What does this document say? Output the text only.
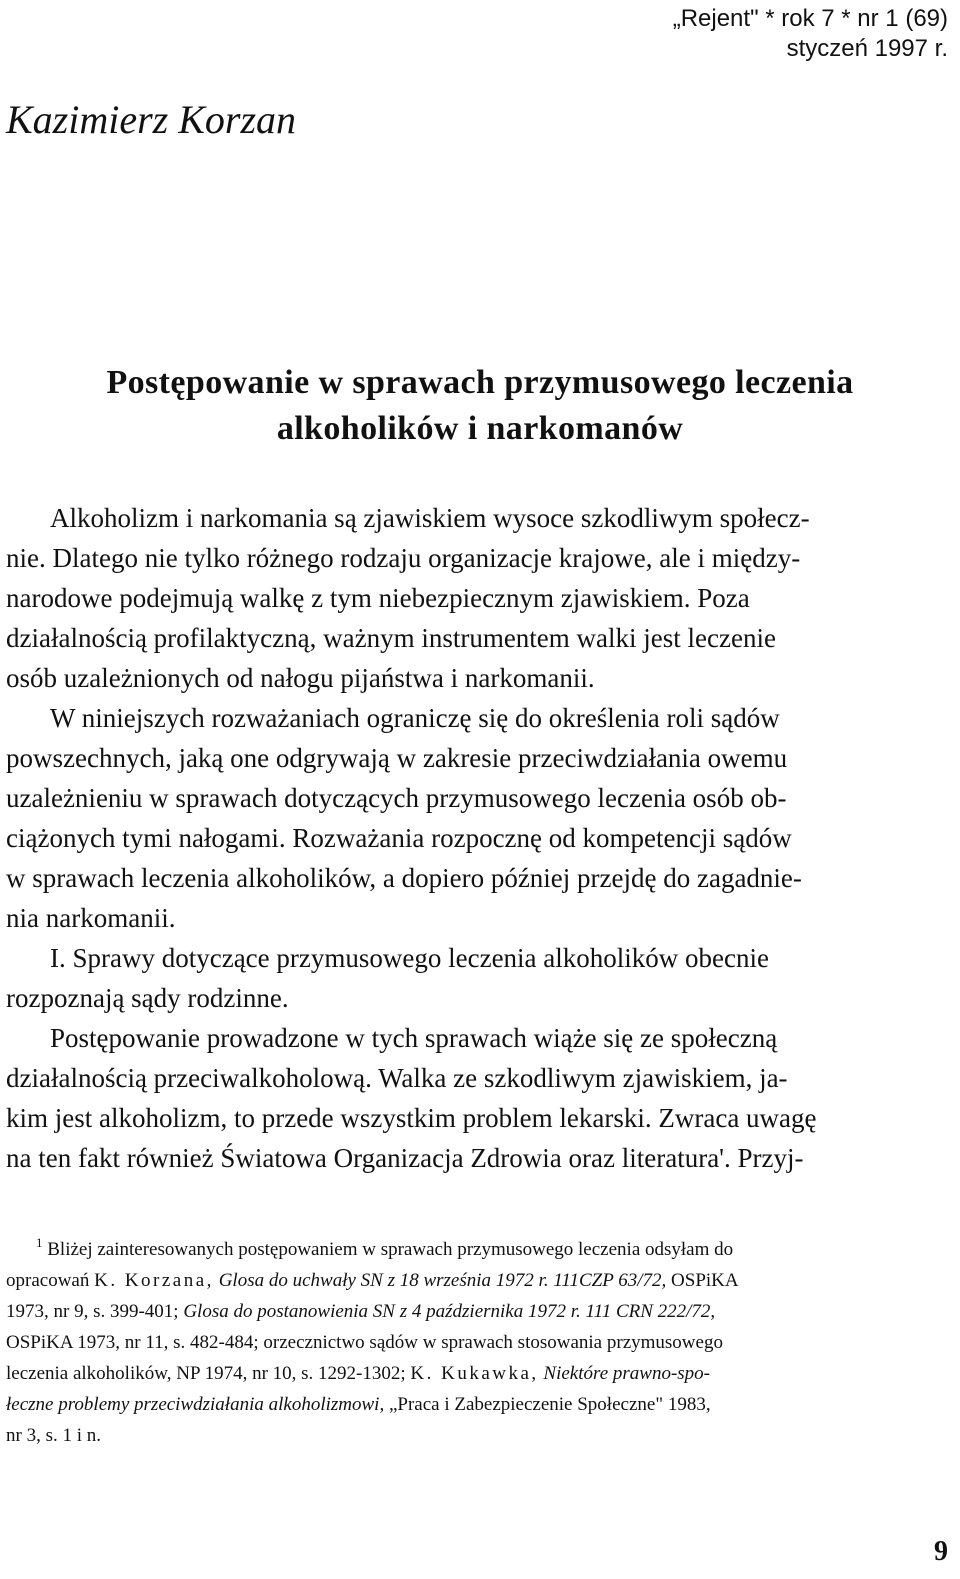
„Rejent" * rok 7 * nr 1 (69)
styczeń 1997 r.
Kazimierz Korzan
Postępowanie w sprawach przymusowego leczenia
alkoholików i narkomanów
Alkoholizm i narkomania są zjawiskiem wysoce szkodliwym społecz-
nie. Dlatego nie tylko różnego rodzaju organizacje krajowe, ale i między-
narodowe podejmują walkę z tym niebezpiecznym zjawiskiem. Poza
działalnością profilaktyczną, ważnym instrumentem walki jest leczenie
osób uzależnionych od nałogu pijaństwa i narkomanii.
W niniejszych rozważaniach ograniczę się do określenia roli sądów
powszechnych, jaką one odgrywają w zakresie przeciwdziałania owemu
uzależnieniu w sprawach dotyczących przymusowego leczenia osób ob-
ciążonych tymi nałogami. Rozważania rozpocznę od kompetencji sądów
w sprawach leczenia alkoholików, a dopiero później przejdę do zagadnie-
nia narkomanii.
I. Sprawy dotyczące przymusowego leczenia alkoholików obecnie
rozpoznają sądy rodzinne.
Postępowanie prowadzone w tych sprawach wiąże się ze społeczną
działalnością przeciwalkoholową. Walka ze szkodliwym zjawiskiem, ja-
kim jest alkoholizm, to przede wszystkim problem lekarski. Zwraca uwagę
na ten fakt również Światowa Organizacja Zdrowia oraz literatura'. Przyj-
$^1$ Bliżej zainteresowanych postępowaniem w sprawach przymusowego leczenia odsyłam do
opracowań K. Korzana, Glosa do uchwały SN z 18 września 1972 r. 111CZP 63/72, OSPiKA
1973, nr 9, s. 399-401; Glosa do postanowienia SN z 4 października 1972 r. 111 CRN 222/72,
OSPiKA 1973, nr 11, s. 482-484; orzecznictwo sądów w sprawach stosowania przymusowego
leczenia alkoholików, NP 1974, nr 10, s. 1292-1302; K. Kukawka, Niektóre prawno-spo-
łeczne problemy przeciwdziałania alkoholizmowi, „Praca i Zabezpieczenie Społeczne" 1983,
nr 3, s. 1 i n.
9
